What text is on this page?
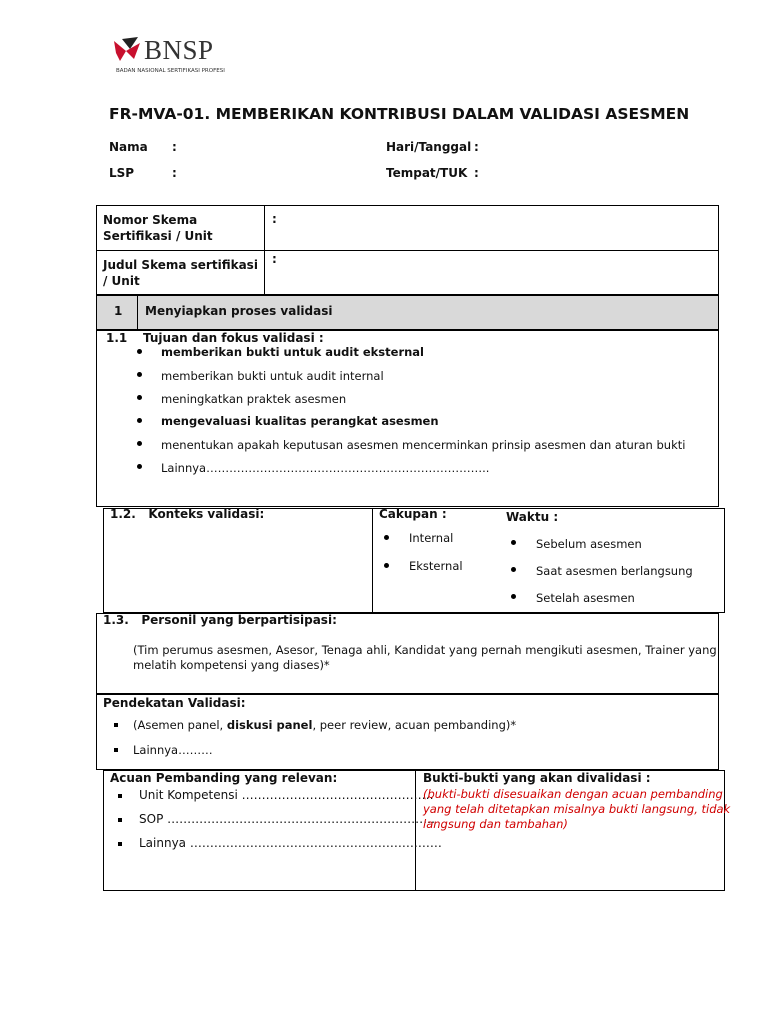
BNSP
BADAN NASIONAL SERTIFIKASI PROFESI
FR-MVA-01. MEMBERIKAN KONTRIBUSI DALAM VALIDASI ASESMEN
Nama :	Hari/Tanggal :
LSP	:	Tempat/TUK :
Nomor Skema Sertifikasi / Unit
:
Judul Skema sertifikasi / Unit
:
1 Menyiapkan proses validasi
1.1 Tujuan dan fokus validasi :
memberikan bukti untuk audit eksternal
memberikan bukti untuk audit internal
meningkatkan praktek asesmen
mengevaluasi kualitas perangkat asesmen
menentukan apakah keputusan asesmen mencerminkan prinsip asesmen dan aturan bukti
Lainnya………………………………………………………………..
1.2.   Konteks validasi:	Cakupan :
Internal
Eksternal
Waktu :
Sebelum asesmen
Saat asesmen berlangsung
Setelah asesmen
1.3.   Personil yang berpartisipasi:
(Tim perumus asesmen, Asesor, Tenaga ahli, Kandidat yang pernah mengikuti asesmen, Trainer yang
melatih kompetensi yang diases)*
Pendekatan Validasi:
(Asemen panel, diskusi panel, peer review, acuan pembanding)*
Lainnya………
Acuan Pembanding yang relevan:
Unit Kompetensi …………………………………………
SOP ………………………………………………………….
Lainnya ………………………………………………………
Bukti-bukti yang akan divalidasi :
(bukti-bukti disesuaikan dengan acuan pembanding
yang telah ditetapkan misalnya bukti langsung, tidak
langsung dan tambahan)
